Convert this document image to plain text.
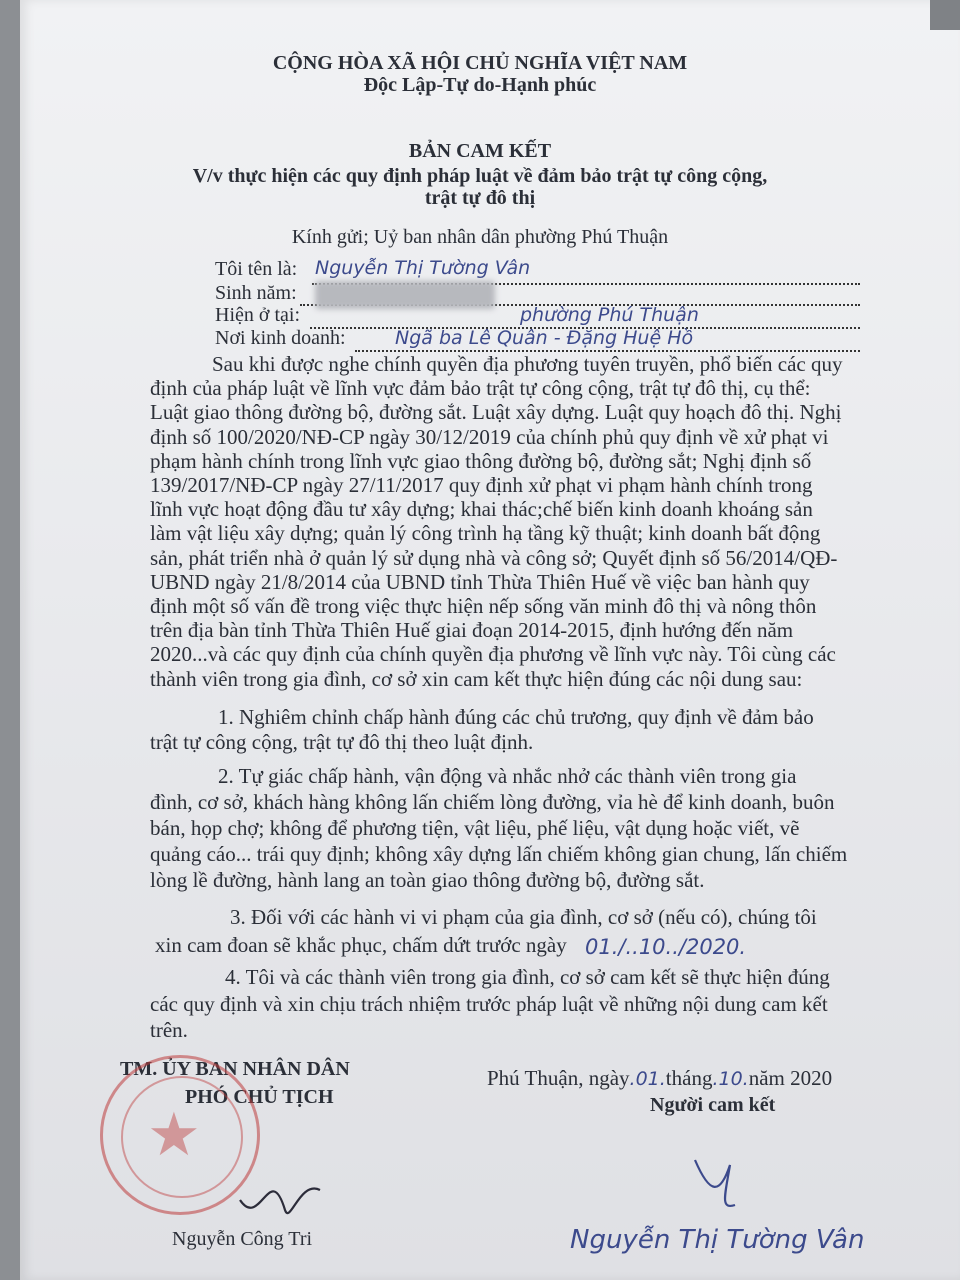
CỘNG HÒA XÃ HỘI CHỦ NGHĨA VIỆT NAM
Độc Lập-Tự do-Hạnh phúc
BẢN CAM KẾT
V/v thực hiện các quy định pháp luật về đảm bảo trật tự công cộng,
trật tự đô thị
Kính gửi; Uỷ ban nhân dân phường Phú Thuận
Tôi tên là: Nguyễn Thị Tường Vân
Sinh năm:
Hiện ở tại:	phường Phú Thuận
Nơi kinh doanh:	Ngã ba Lê Quân - Đặng Huệ Hồ
Sau khi được nghe chính quyền địa phương tuyên truyền, phổ biến các quy
định của pháp luật về lĩnh vực đảm bảo trật tự công cộng, trật tự đô thị, cụ thể:
Luật giao thông đường bộ, đường sắt. Luật xây dựng. Luật quy hoạch đô thị. Nghị
định số 100/2020/NĐ-CP ngày 30/12/2019 của chính phủ quy định về xử phạt vi
phạm hành chính trong lĩnh vực giao thông đường bộ, đường sắt; Nghị định số
139/2017/NĐ-CP ngày 27/11/2017 quy định xử phạt vi phạm hành chính trong
lĩnh vực hoạt động đầu tư xây dựng; khai thác;chế biến kinh doanh khoáng sản
làm vật liệu xây dựng; quản lý công trình hạ tầng kỹ thuật; kinh doanh bất động
sản, phát triển nhà ở quản lý sử dụng nhà và công sở; Quyết định số 56/2014/QĐ-
UBND ngày 21/8/2014 của UBND tỉnh Thừa Thiên Huế về việc ban hành quy
định một số vấn đề trong việc thực hiện nếp sống văn minh đô thị và nông thôn
trên địa bàn tỉnh Thừa Thiên Huế giai đoạn 2014-2015, định hướng đến năm
2020...và các quy định của chính quyền địa phương về lĩnh vực này. Tôi cùng các
thành viên trong gia đình, cơ sở xin cam kết thực hiện đúng các nội dung sau:
1. Nghiêm chỉnh chấp hành đúng các chủ trương, quy định về đảm bảo
trật tự công cộng, trật tự đô thị theo luật định.
2. Tự giác chấp hành, vận động và nhắc nhở các thành viên trong gia
đình, cơ sở, khách hàng không lấn chiếm lòng đường, vỉa hè để kinh doanh, buôn
bán, họp chợ; không để phương tiện, vật liệu, phế liệu, vật dụng hoặc viết, vẽ
quảng cáo... trái quy định; không xây dựng lấn chiếm không gian chung, lấn chiếm
lòng lề đường, hành lang an toàn giao thông đường bộ, đường sắt.
3. Đối với các hành vi vi phạm của gia đình, cơ sở (nếu có), chúng tôi
xin cam đoan sẽ khắc phục, chấm dứt trước ngày 01./..10../2020.
4. Tôi và các thành viên trong gia đình, cơ sở cam kết sẽ thực hiện đúng
các quy định và xin chịu trách nhiệm trước pháp luật về những nội dung cam kết
trên.
TM. ỦY BAN NHÂN DÂN
PHÓ CHỦ TỊCH
★
Nguyễn Công Tri
Phú Thuận, ngày.01.tháng.10.năm 2020
Người cam kết
Nguyễn Thị Tường Vân
